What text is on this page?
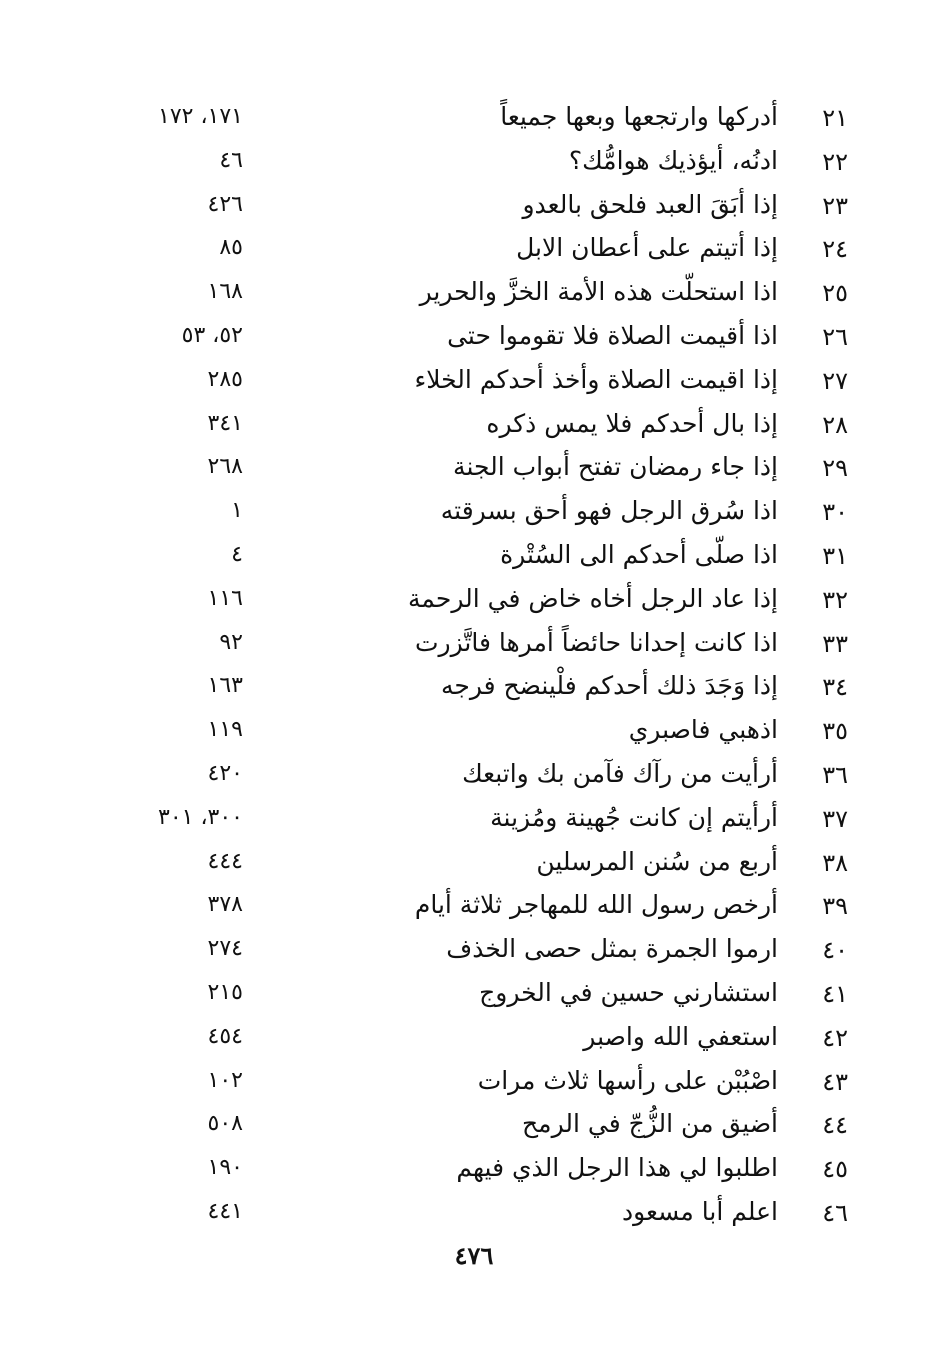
٢١
أدركها وارتجعها وبعها جميعاً
١٧١، ١٧٢
٢٢
ادنُه، أيؤذيك هوامُّك؟
٤٦
٢٣
إذا أبَقَ العبد فلحق بالعدو
٤٢٦
٢٤
إذا أتيتم على أعطان الابل
٨٥
٢٥
اذا استحلّت هذه الأمة الخزَّ والحرير
١٦٨
٢٦
اذا أقيمت الصلاة فلا تقوموا حتى
٥٢، ٥٣
٢٧
إذا اقيمت الصلاة وأخذ أحدكم الخلاء
٢٨٥
٢٨
إذا بال أحدكم فلا يمس ذكره
٣٤١
٢٩
إذا جاء رمضان تفتح أبواب الجنة
٢٦٨
٣٠
اذا سُرق الرجل فهو أحق بسرقته
١
٣١
اذا صلّى أحدكم الى السُتْرة
٤
٣٢
إذا عاد الرجل أخاه خاض في الرحمة
١١٦
٣٣
اذا كانت إحدانا حائضاً أمرها فاتَّزرت
٩٢
٣٤
إذا وَجَدَ ذلك أحدكم فلْينضح فرجه
١٦٣
٣٥
اذهبي فاصبري
١١٩
٣٦
أرأيت من رآك فآمن بك واتبعك
٤٢٠
٣٧
أرأيتم إن كانت جُهينة ومُزينة
٣٠٠، ٣٠١
٣٨
أربع من سُنن المرسلين
٤٤٤
٣٩
أرخص رسول الله للمهاجر ثلاثة أيام
٣٧٨
٤٠
ارموا الجمرة بمثل حصى الخذف
٢٧٤
٤١
استشارني حسين في الخروج
٢١٥
٤٢
استعفي الله واصبر
٤٥٤
٤٣
اصْبُبْن على رأسها ثلاث مرات
١٠٢
٤٤
أضيق من الزُّجّ في الرمح
٥٠٨
٤٥
اطلبوا لي هذا الرجل الذي فيهم
١٩٠
٤٦
اعلم أبا مسعود
٤٤١
٤٧٦
